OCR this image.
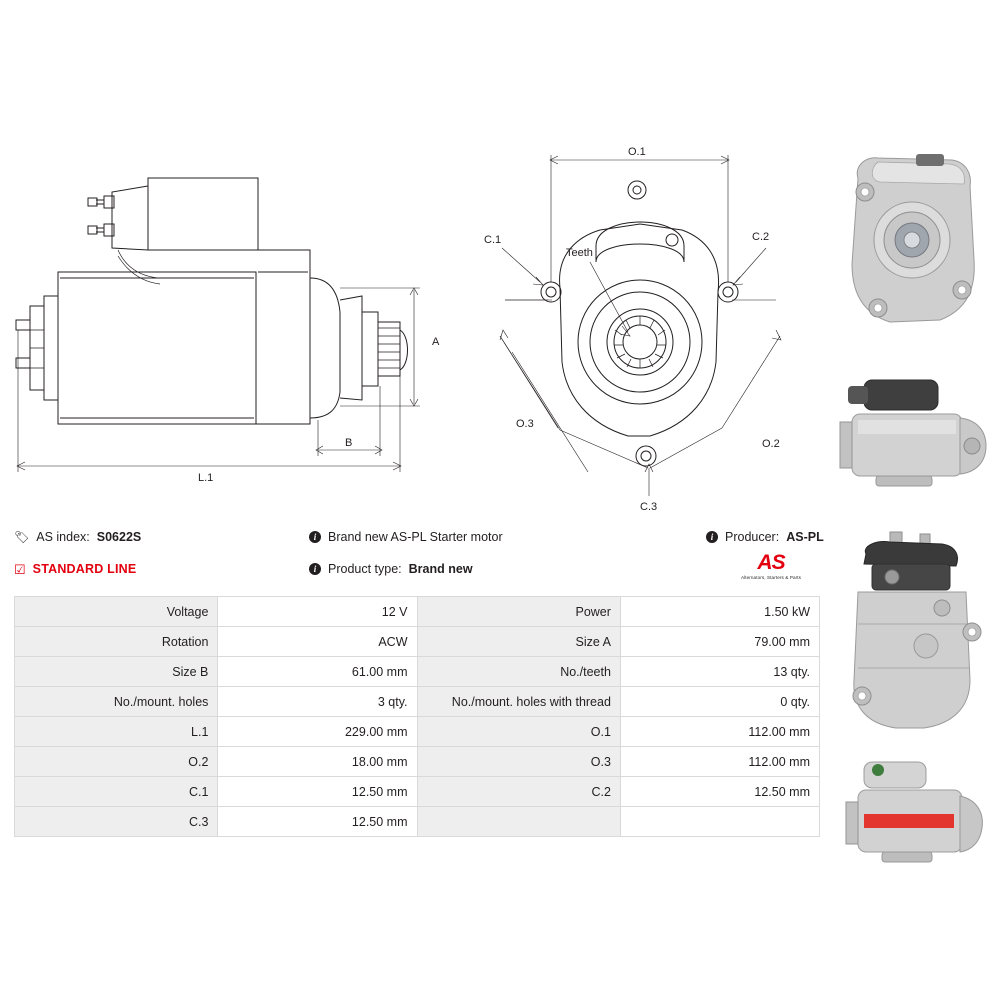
A
B
L.1
O.1
O.3
O.2
C.1	C.2
C.3
Teeth
🏷 AS index: S0622S
☑ STANDARD LINE
i Brand new AS-PL Starter motor
i Product type: Brand new
i Producer: AS-PL
AS
Alternators, Starters & Parts
Voltage	12 V	Power	1.50 kW
Rotation	ACW	Size A	79.00 mm
Size B	61.00 mm	No./teeth	13 qty.
No./mount. holes	3 qty.	No./mount. holes with thread	0 qty.
L.1	229.00 mm	O.1	112.00 mm
O.2	18.00 mm	O.3	112.00 mm
C.1	12.50 mm	C.2	12.50 mm
C.3	12.50 mm		
